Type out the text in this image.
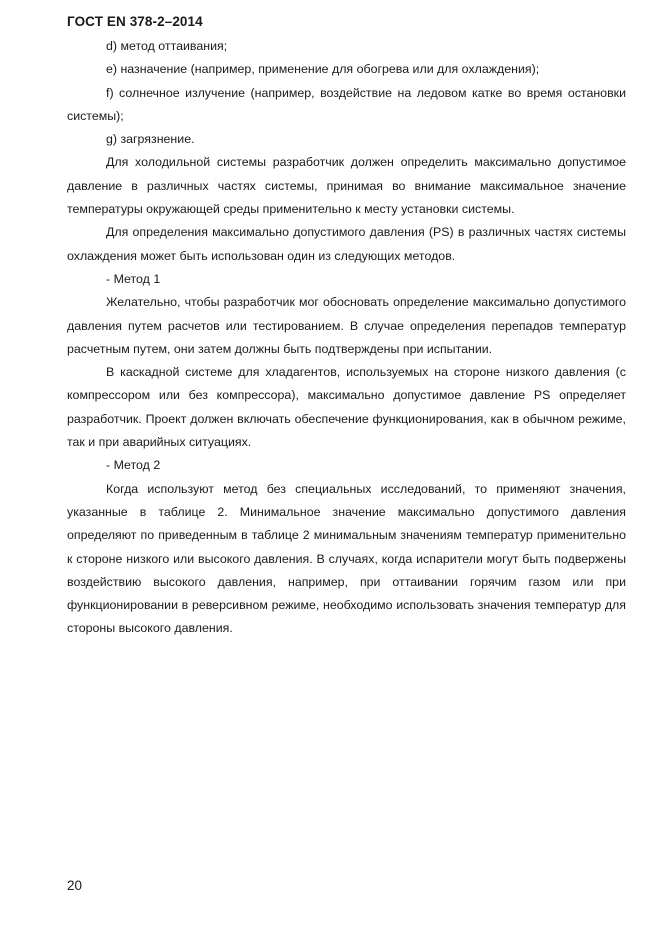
ГОСТ EN 378-2–2014

d) метод оттаивания;

e) назначение (например, применение для обогрева или для охлаждения);

f) солнечное излучение (например, воздействие на ледовом катке во время остановки системы);

g) загрязнение.

Для холодильной системы разработчик должен определить максимально допустимое давление в различных частях системы, принимая во внимание максимальное значение температуры окружающей среды применительно к месту установки системы.

Для определения максимально допустимого давления (PS) в различных частях системы охлаждения может быть использован один из следующих методов.

- Метод 1

Желательно, чтобы разработчик мог обосновать определение максимально допустимого давления путем расчетов или тестированием. В случае определения перепадов температур расчетным путем, они затем должны быть подтверждены при испытании.

В каскадной системе для хладагентов, используемых на стороне низкого давления (с компрессором или без компрессора), максимально допустимое давление PS определяет разработчик. Проект должен включать обеспечение функционирования, как в обычном режиме, так и при аварийных ситуациях.

- Метод 2

Когда используют метод без специальных исследований, то применяют значения, указанные в таблице 2. Минимальное значение максимально допустимого давления определяют по приведенным в таблице 2 минимальным значениям температур применительно к стороне низкого или высокого давления. В случаях, когда испарители могут быть подвержены воздействию высокого давления, например, при оттаивании горячим газом или при функционировании в реверсивном режиме, необходимо использовать значения температур для стороны высокого давления.

20
